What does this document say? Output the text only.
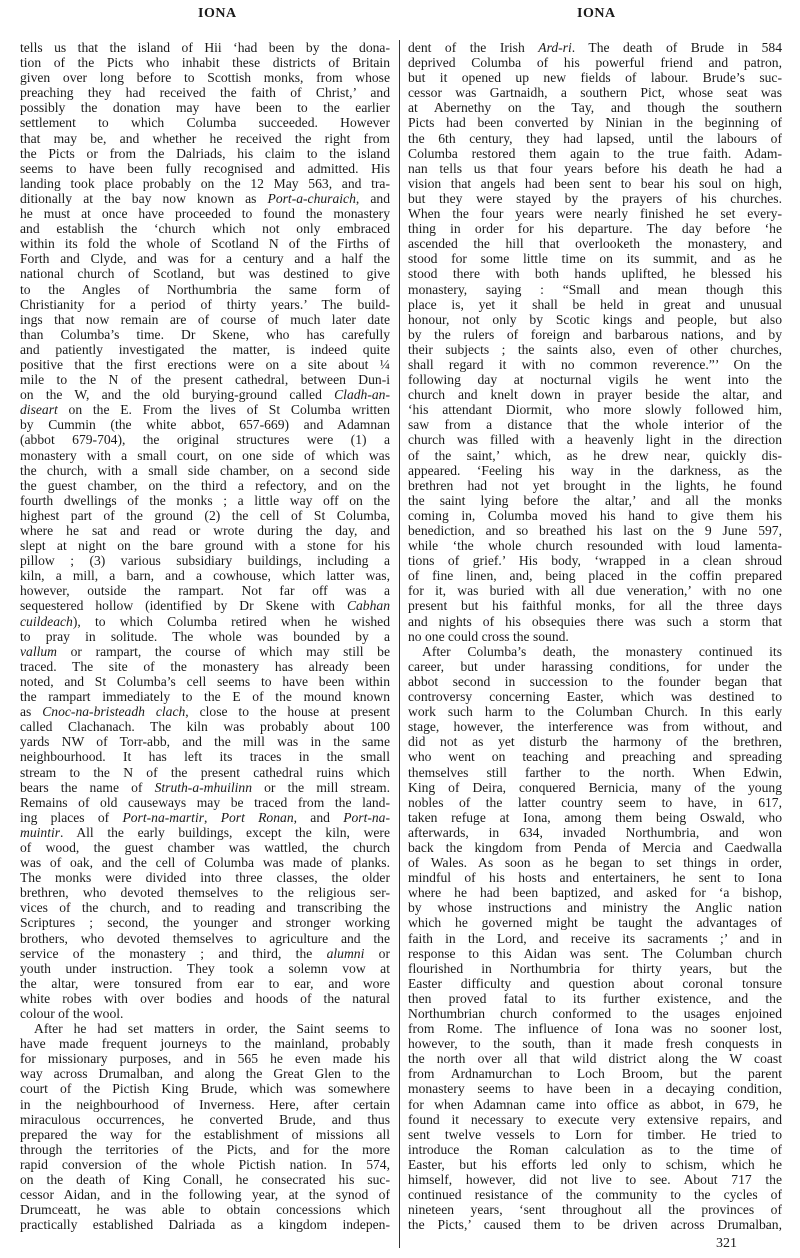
IONA	IONA
tells us that the island of Hii ‘had been by the dona-
tion of the Picts who inhabit these districts of Britain
given over long before to Scottish monks, from whose
preaching they had received the faith of Christ,’ and
possibly the donation may have been to the earlier
settlement to which Columba succeeded. However
that may be, and whether he received the right from
the Picts or from the Dalriads, his claim to the island
seems to have been fully recognised and admitted. His
landing took place probably on the 12 May 563, and tra-
ditionally at the bay now known as Port-a-churaich, and
he must at once have proceeded to found the monastery
and establish the ‘church which not only embraced
within its fold the whole of Scotland N of the Firths of
Forth and Clyde, and was for a century and a half the
national church of Scotland, but was destined to give
to the Angles of Northumbria the same form of
Christianity for a period of thirty years.’ The build-
ings that now remain are of course of much later date
than Columba’s time. Dr Skene, who has carefully
and patiently investigated the matter, is indeed quite
positive that the first erections were on a site about ¼
mile to the N of the present cathedral, between Dun-i
on the W, and the old burying-ground called Cladh-an-
diseart on the E. From the lives of St Columba written
by Cummin (the white abbot, 657-669) and Adamnan
(abbot 679-704), the original structures were (1) a
monastery with a small court, on one side of which was
the church, with a small side chamber, on a second side
the guest chamber, on the third a refectory, and on the
fourth dwellings of the monks ; a little way off on the
highest part of the ground (2) the cell of St Columba,
where he sat and read or wrote during the day, and
slept at night on the bare ground with a stone for his
pillow ; (3) various subsidiary buildings, including a
kiln, a mill, a barn, and a cowhouse, which latter was,
however, outside the rampart. Not far off was a
sequestered hollow (identified by Dr Skene with Cabhan
cuildeach), to which Columba retired when he wished
to pray in solitude. The whole was bounded by a
vallum or rampart, the course of which may still be
traced. The site of the monastery has already been
noted, and St Columba’s cell seems to have been within
the rampart immediately to the E of the mound known
as Cnoc-na-bristeadh clach, close to the house at present
called Clachanach. The kiln was probably about 100
yards NW of Torr-abb, and the mill was in the same
neighbourhood. It has left its traces in the small
stream to the N of the present cathedral ruins which
bears the name of Struth-a-mhuilinn or the mill stream.
Remains of old causeways may be traced from the land-
ing places of Port-na-martir, Port Ronan, and Port-na-
muintir. All the early buildings, except the kiln, were
of wood, the guest chamber was wattled, the church
was of oak, and the cell of Columba was made of planks.
The monks were divided into three classes, the older
brethren, who devoted themselves to the religious ser-
vices of the church, and to reading and transcribing the
Scriptures ; second, the younger and stronger working
brothers, who devoted themselves to agriculture and the
service of the monastery ; and third, the alumni or
youth under instruction. They took a solemn vow at
the altar, were tonsured from ear to ear, and wore
white robes with over bodies and hoods of the natural
colour of the wool.
After he had set matters in order, the Saint seems to
have made frequent journeys to the mainland, probably
for missionary purposes, and in 565 he even made his
way across Drumalban, and along the Great Glen to the
court of the Pictish King Brude, which was somewhere
in the neighbourhood of Inverness. Here, after certain
miraculous occurrences, he converted Brude, and thus
prepared the way for the establishment of missions all
through the territories of the Picts, and for the more
rapid conversion of the whole Pictish nation. In 574,
on the death of King Conall, he consecrated his suc-
cessor Aidan, and in the following year, at the synod of
Drumceatt, he was able to obtain concessions which
practically established Dalriada as a kingdom indepen-
dent of the Irish Ard-ri. The death of Brude in 584
deprived Columba of his powerful friend and patron,
but it opened up new fields of labour. Brude’s suc-
cessor was Gartnaidh, a southern Pict, whose seat was
at Abernethy on the Tay, and though the southern
Picts had been converted by Ninian in the beginning of
the 6th century, they had lapsed, until the labours of
Columba restored them again to the true faith. Adam-
nan tells us that four years before his death he had a
vision that angels had been sent to bear his soul on high,
but they were stayed by the prayers of his churches.
When the four years were nearly finished he set every-
thing in order for his departure. The day before ‘he
ascended the hill that overlooketh the monastery, and
stood for some little time on its summit, and as he
stood there with both hands uplifted, he blessed his
monastery, saying : “Small and mean though this
place is, yet it shall be held in great and unusual
honour, not only by Scotic kings and people, but also
by the rulers of foreign and barbarous nations, and by
their subjects ; the saints also, even of other churches,
shall regard it with no common reverence.”’ On the
following day at nocturnal vigils he went into the
church and knelt down in prayer beside the altar, and
‘his attendant Diormit, who more slowly followed him,
saw from a distance that the whole interior of the
church was filled with a heavenly light in the direction
of the saint,’ which, as he drew near, quickly dis-
appeared. ‘Feeling his way in the darkness, as the
brethren had not yet brought in the lights, he found
the saint lying before the altar,’ and all the monks
coming in, Columba moved his hand to give them his
benediction, and so breathed his last on the 9 June 597,
while ‘the whole church resounded with loud lamenta-
tions of grief.’ His body, ‘wrapped in a clean shroud
of fine linen, and, being placed in the coffin prepared
for it, was buried with all due veneration,’ with no one
present but his faithful monks, for all the three days
and nights of his obsequies there was such a storm that
no one could cross the sound.
After Columba’s death, the monastery continued its
career, but under harassing conditions, for under the
abbot second in succession to the founder began that
controversy concerning Easter, which was destined to
work such harm to the Columban Church. In this early
stage, however, the interference was from without, and
did not as yet disturb the harmony of the brethren,
who went on teaching and preaching and spreading
themselves still farther to the north. When Edwin,
King of Deira, conquered Bernicia, many of the young
nobles of the latter country seem to have, in 617,
taken refuge at Iona, among them being Oswald, who
afterwards, in 634, invaded Northumbria, and won
back the kingdom from Penda of Mercia and Caedwalla
of Wales. As soon as he began to set things in order,
mindful of his hosts and entertainers, he sent to Iona
where he had been baptized, and asked for ‘a bishop,
by whose instructions and ministry the Anglic nation
which he governed might be taught the advantages of
faith in the Lord, and receive its sacraments ;’ and in
response to this Aidan was sent. The Columban church
flourished in Northumbria for thirty years, but the
Easter difficulty and question about coronal tonsure
then proved fatal to its further existence, and the
Northumbrian church conformed to the usages enjoined
from Rome. The influence of Iona was no sooner lost,
however, to the south, than it made fresh conquests in
the north over all that wild district along the W coast
from Ardnamurchan to Loch Broom, but the parent
monastery seems to have been in a decaying condition,
for when Adamnan came into office as abbot, in 679, he
found it necessary to execute very extensive repairs, and
sent twelve vessels to Lorn for timber. He tried to
introduce the Roman calculation as to the time of
Easter, but his efforts led only to schism, which he
himself, however, did not live to see. About 717 the
continued resistance of the community to the cycles of
nineteen years, ‘sent throughout all the provinces of
the Picts,’ caused them to be driven across Drumalban,
321
